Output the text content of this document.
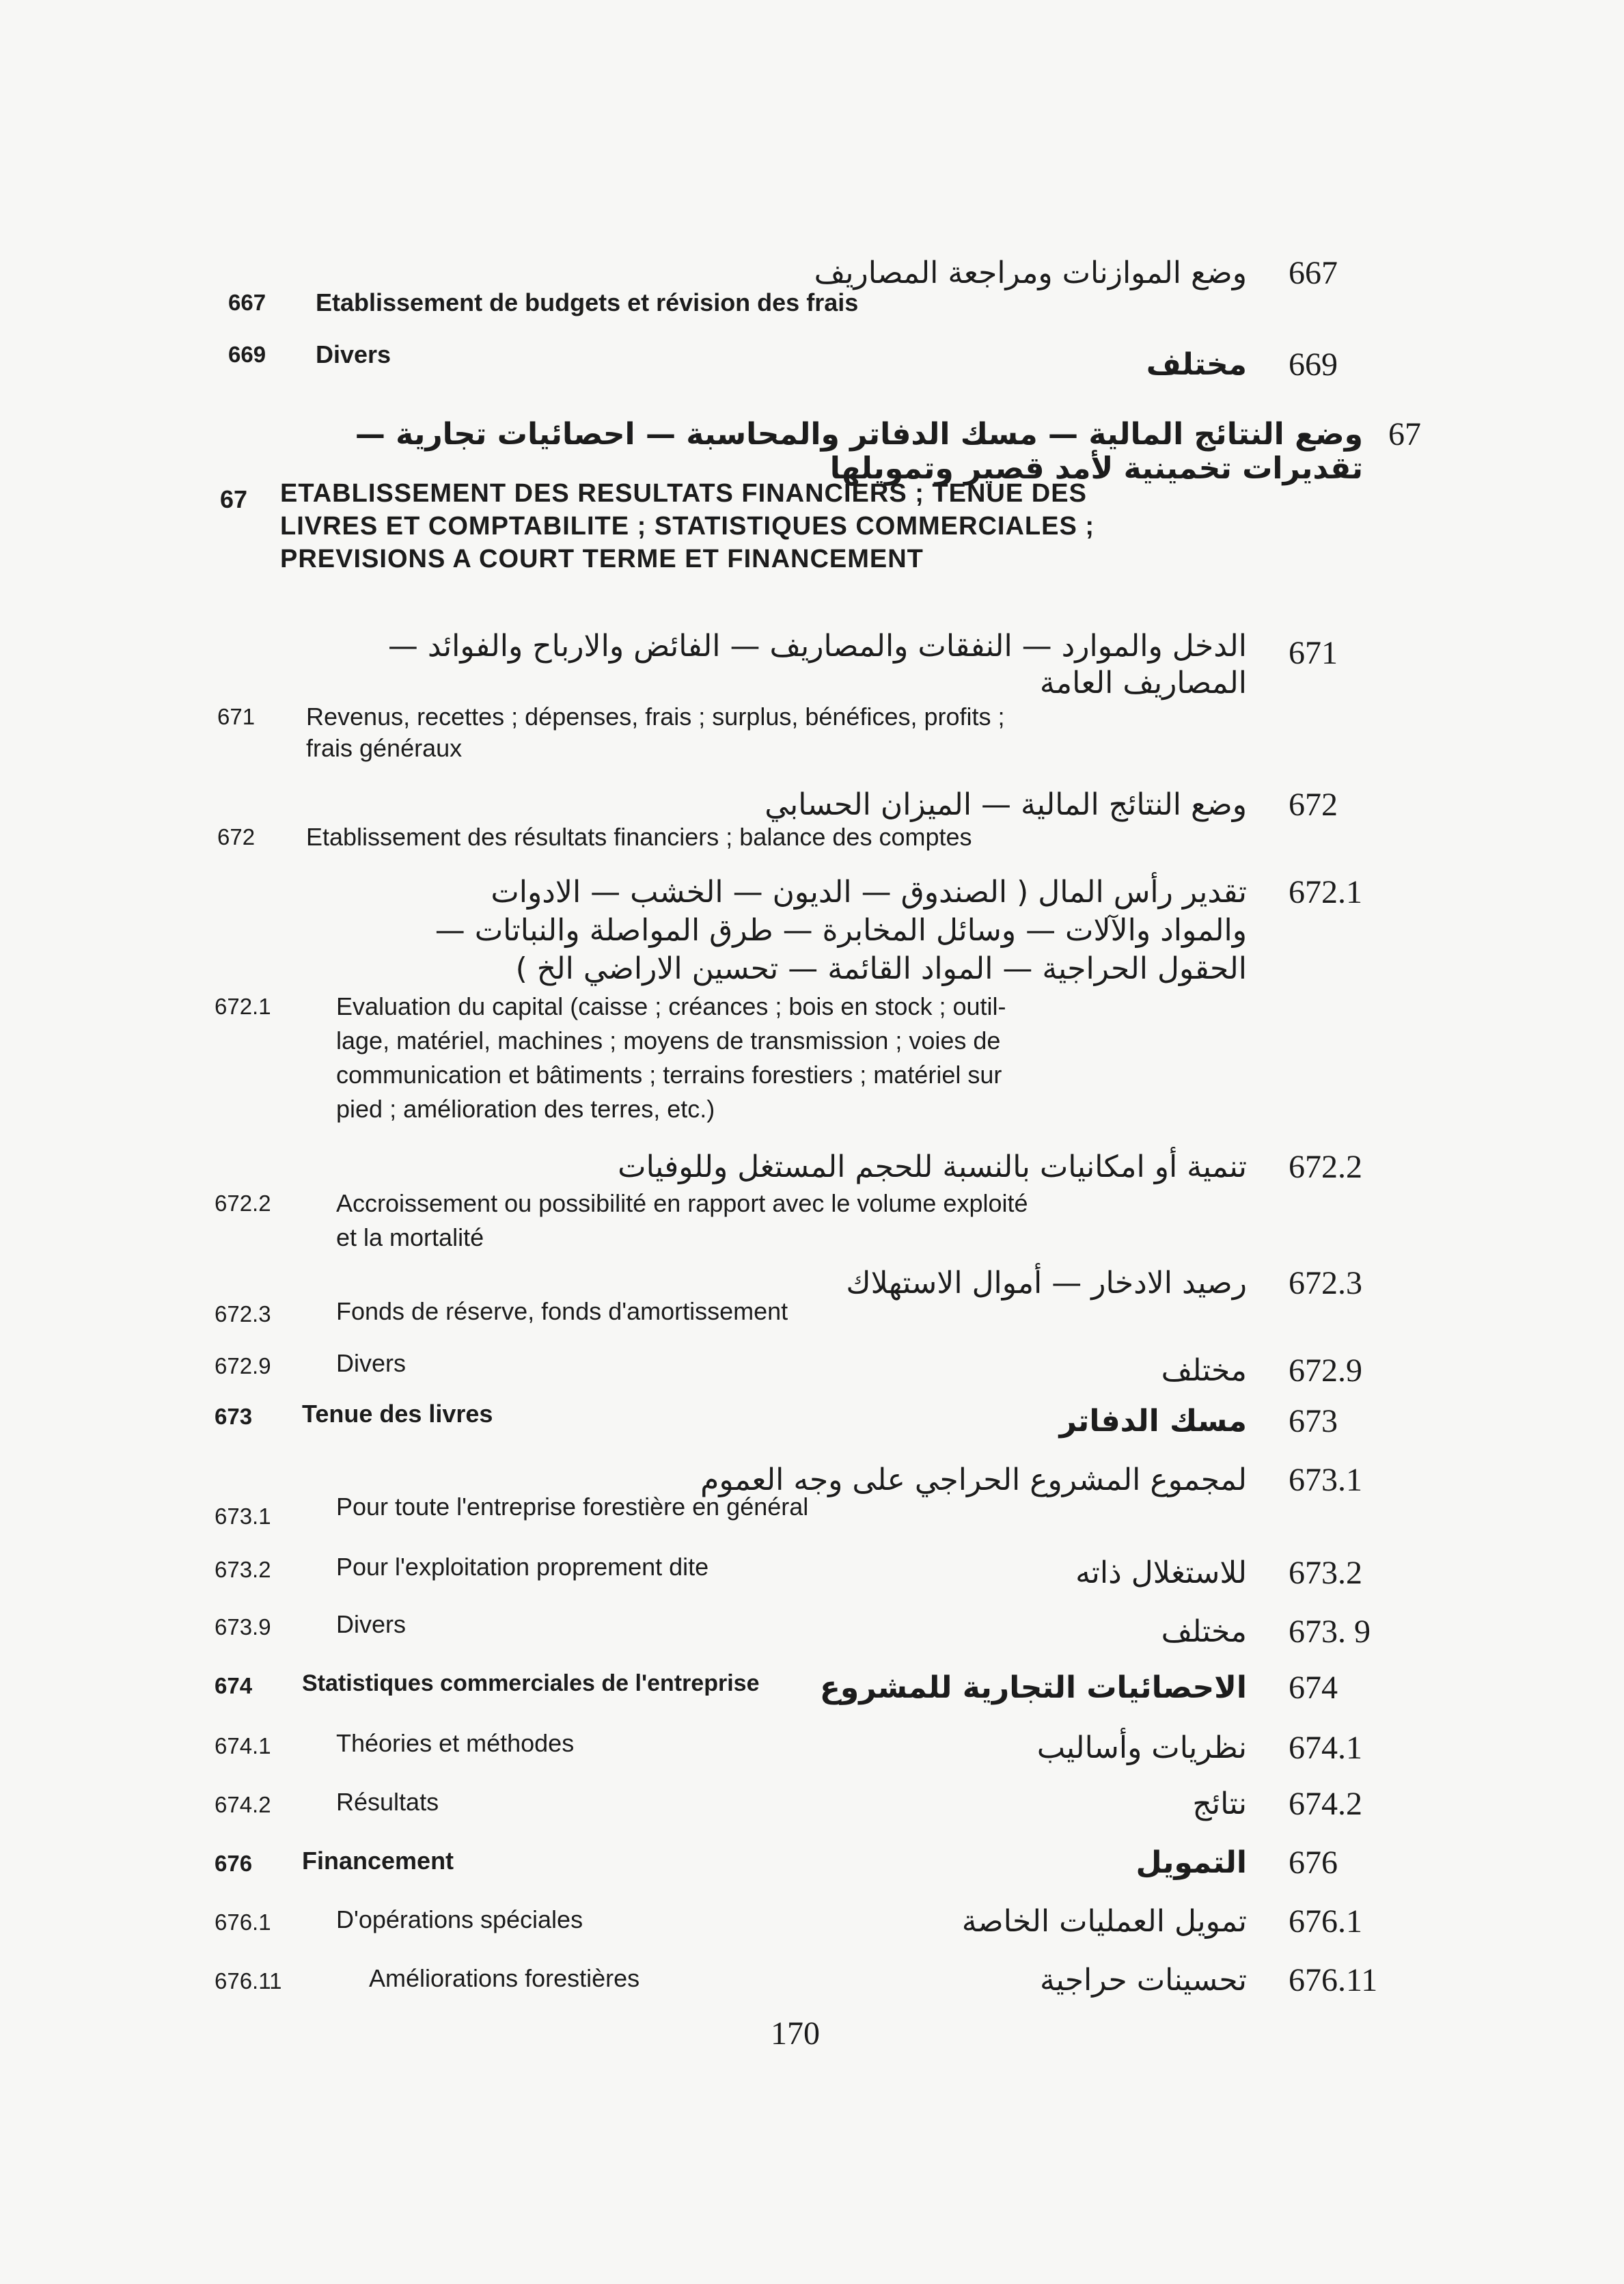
وضع الموازنات ومراجعة المصاريف 667
667 Etablissement de budgets et révision des frais
669 Divers	مختلف 669
وضع النتائج المالية — مسك الدفاتر والمحاسبة — احصائيات تجارية — 67
تقديرات تخمينية لأمد قصير وتمويلها
67 ETABLISSEMENT DES RESULTATS FINANCIERS ; TENUE DES
LIVRES ET COMPTABILITE ; STATISTIQUES COMMERCIALES ;
PREVISIONS A COURT TERME ET FINANCEMENT
الدخل والموارد — النفقات والمصاريف — الفائض والارباح والفوائد — 671
المصاريف العامة
671 Revenus, recettes ; dépenses, frais ; surplus, bénéfices, profits ;
frais généraux
وضع النتائج المالية — الميزان الحسابي 672
672 Etablissement des résultats financiers ; balance des comptes
تقدير رأس المال ( الصندوق — الديون — الخشب — الادوات 672.1
والمواد والآلات — وسائل المخابرة — طرق المواصلة والنباتات —
الحقول الحراجية — المواد القائمة — تحسين الاراضي الخ )
672.1	Evaluation du capital (caisse ; créances ; bois en stock ; outil-
lage, matériel, machines ; moyens de transmission ; voies de
communication et bâtiments ; terrains forestiers ; matériel sur
pied ; amélioration des terres, etc.)
تنمية أو امكانيات بالنسبة للحجم المستغل وللوفيات 672.2
672.2	Accroissement ou possibilité en rapport avec le volume exploité
et la mortalité
رصيد الادخار — أموال الاستهلاك 672.3
672.3	Fonds de réserve, fonds d'amortissement
672.9	Divers	مختلف 672.9
673 Tenue des livres	مسك الدفاتر 673
لمجموع المشروع الحراجي على وجه العموم 673.1
673.1	Pour toute l'entreprise forestière en général
673.2	Pour l'exploitation proprement dite	للاستغلال ذاته 673.2
673.9	Divers	مختلف 673. 9
674 Statistiques commerciales de l'entreprise الاحصائيات التجارية للمشروع 674
674.1	Théories et méthodes	نظريات وأساليب 674.1
674.2	Résultats	نتائج 674.2
676 Financement	التمويل 676
676.1	D'opérations spéciales	تمويل العمليات الخاصة 676.1
676.11	Améliorations forestières	تحسينات حراجية 676.11
170
